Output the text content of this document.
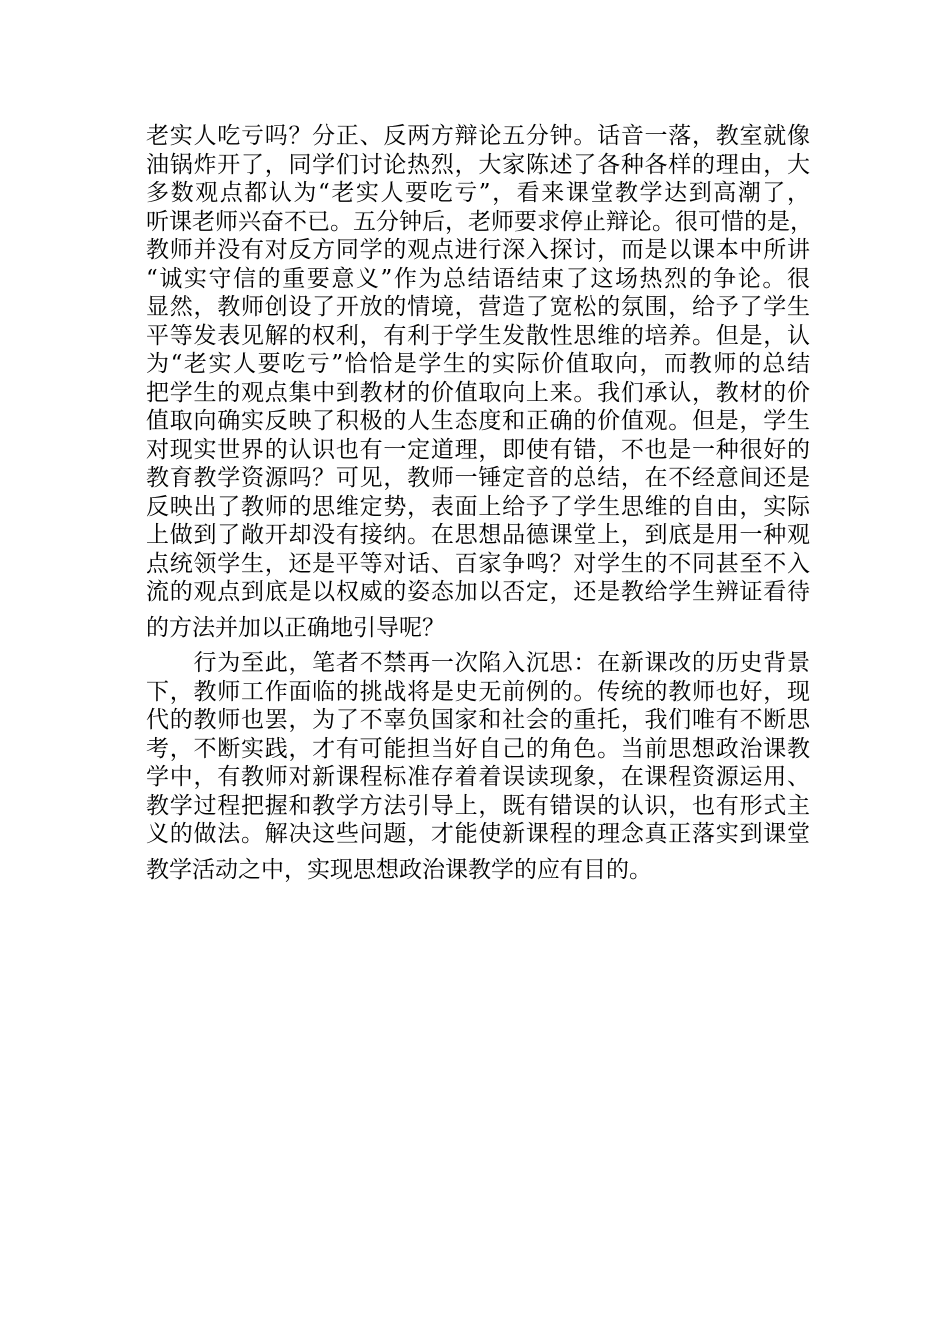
老实人吃亏吗？分正、反两方辩论五分钟。话音一落，教室就像
油锅炸开了，同学们讨论热烈，大家陈述了各种各样的理由，大
多数观点都认为“老实人要吃亏”，看来课堂教学达到高潮了，
听课老师兴奋不已。五分钟后，老师要求停止辩论。很可惜的是，
教师并没有对反方同学的观点进行深入探讨，而是以课本中所讲
“诚实守信的重要意义”作为总结语结束了这场热烈的争论。很
显然，教师创设了开放的情境，营造了宽松的氛围，给予了学生
平等发表见解的权利，有利于学生发散性思维的培养。但是，认
为“老实人要吃亏”恰恰是学生的实际价值取向，而教师的总结
把学生的观点集中到教材的价值取向上来。我们承认，教材的价
值取向确实反映了积极的人生态度和正确的价值观。但是，学生
对现实世界的认识也有一定道理，即使有错，不也是一种很好的
教育教学资源吗？可见，教师一锤定音的总结，在不经意间还是
反映出了教师的思维定势，表面上给予了学生思维的自由，实际
上做到了敞开却没有接纳。在思想品德课堂上，到底是用一种观
点统领学生，还是平等对话、百家争鸣？对学生的不同甚至不入
流的观点到底是以权威的姿态加以否定，还是教给学生辨证看待
的方法并加以正确地引导呢？
　　行为至此，笔者不禁再一次陷入沉思：在新课改的历史背景
下，教师工作面临的挑战将是史无前例的。传统的教师也好，现
代的教师也罢，为了不辜负国家和社会的重托，我们唯有不断思
考，不断实践，才有可能担当好自己的角色。当前思想政治课教
学中，有教师对新课程标准存着着误读现象，在课程资源运用、
教学过程把握和教学方法引导上，既有错误的认识，也有形式主
义的做法。解决这些问题，才能使新课程的理念真正落实到课堂
教学活动之中，实现思想政治课教学的应有目的。
